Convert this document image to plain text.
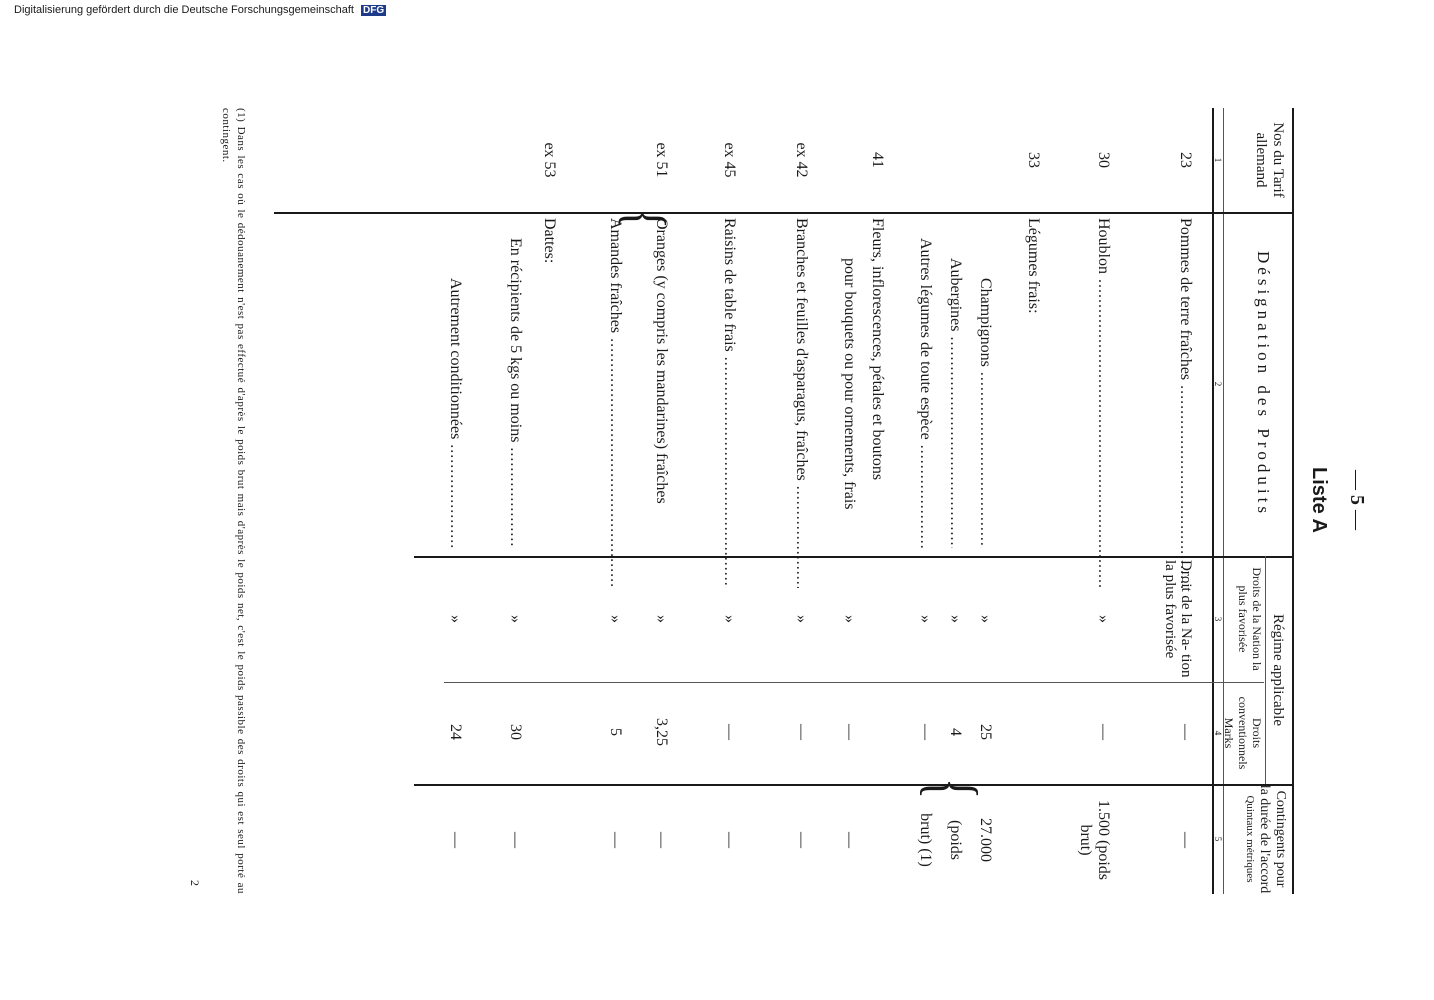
— 5 —
Liste A
Nos du Tarif allemand
Désignation des Produits
Régime applicable
Droits de la Nation la plus favorisée
Droits conventionnels
Marks
Contingents pour la durée de l'accord
Quintaux métriques
1
2
3
4
5
23
Pommes de terre fraîches .....
Droit de la Na- tion la plus favorisée
—
—
30
Houblon .....
»
—
1.500 (poids brut)
33
Légumes frais:
Champignons .....
»
25
27.000
Aubergines .....
»
4
(poids
Autres légumes de toute espèce .....
»
—
brut) (1)
{
41
Fleurs, inflorescences, pétales et boutons
pour bouquets ou pour ornements, frais
»
—
—
ex 42
Branches et feuilles d'asparagus, fraîches .....
»
—
—
ex 45
Raisins de table frais .....
»
—
—
ex 51
Oranges (y compris les mandarines) fraîches
»
3,25
—
Amandes fraîches .....
»
5
—
{
ex 53
Dattes:
En récipients de 5 kgs ou moins .....
»
30
—
Autrement conditionnées .....
»
24
—
(1) Dans les cas où le dédouanement n'est pas effectué d'après le poids brut mais d'après le poids net, c'est le poids passible des droits qui est seul porté au contingent.
2
Digitalisierung gefördert durch die Deutsche Forschungsgemeinschaft DFG
